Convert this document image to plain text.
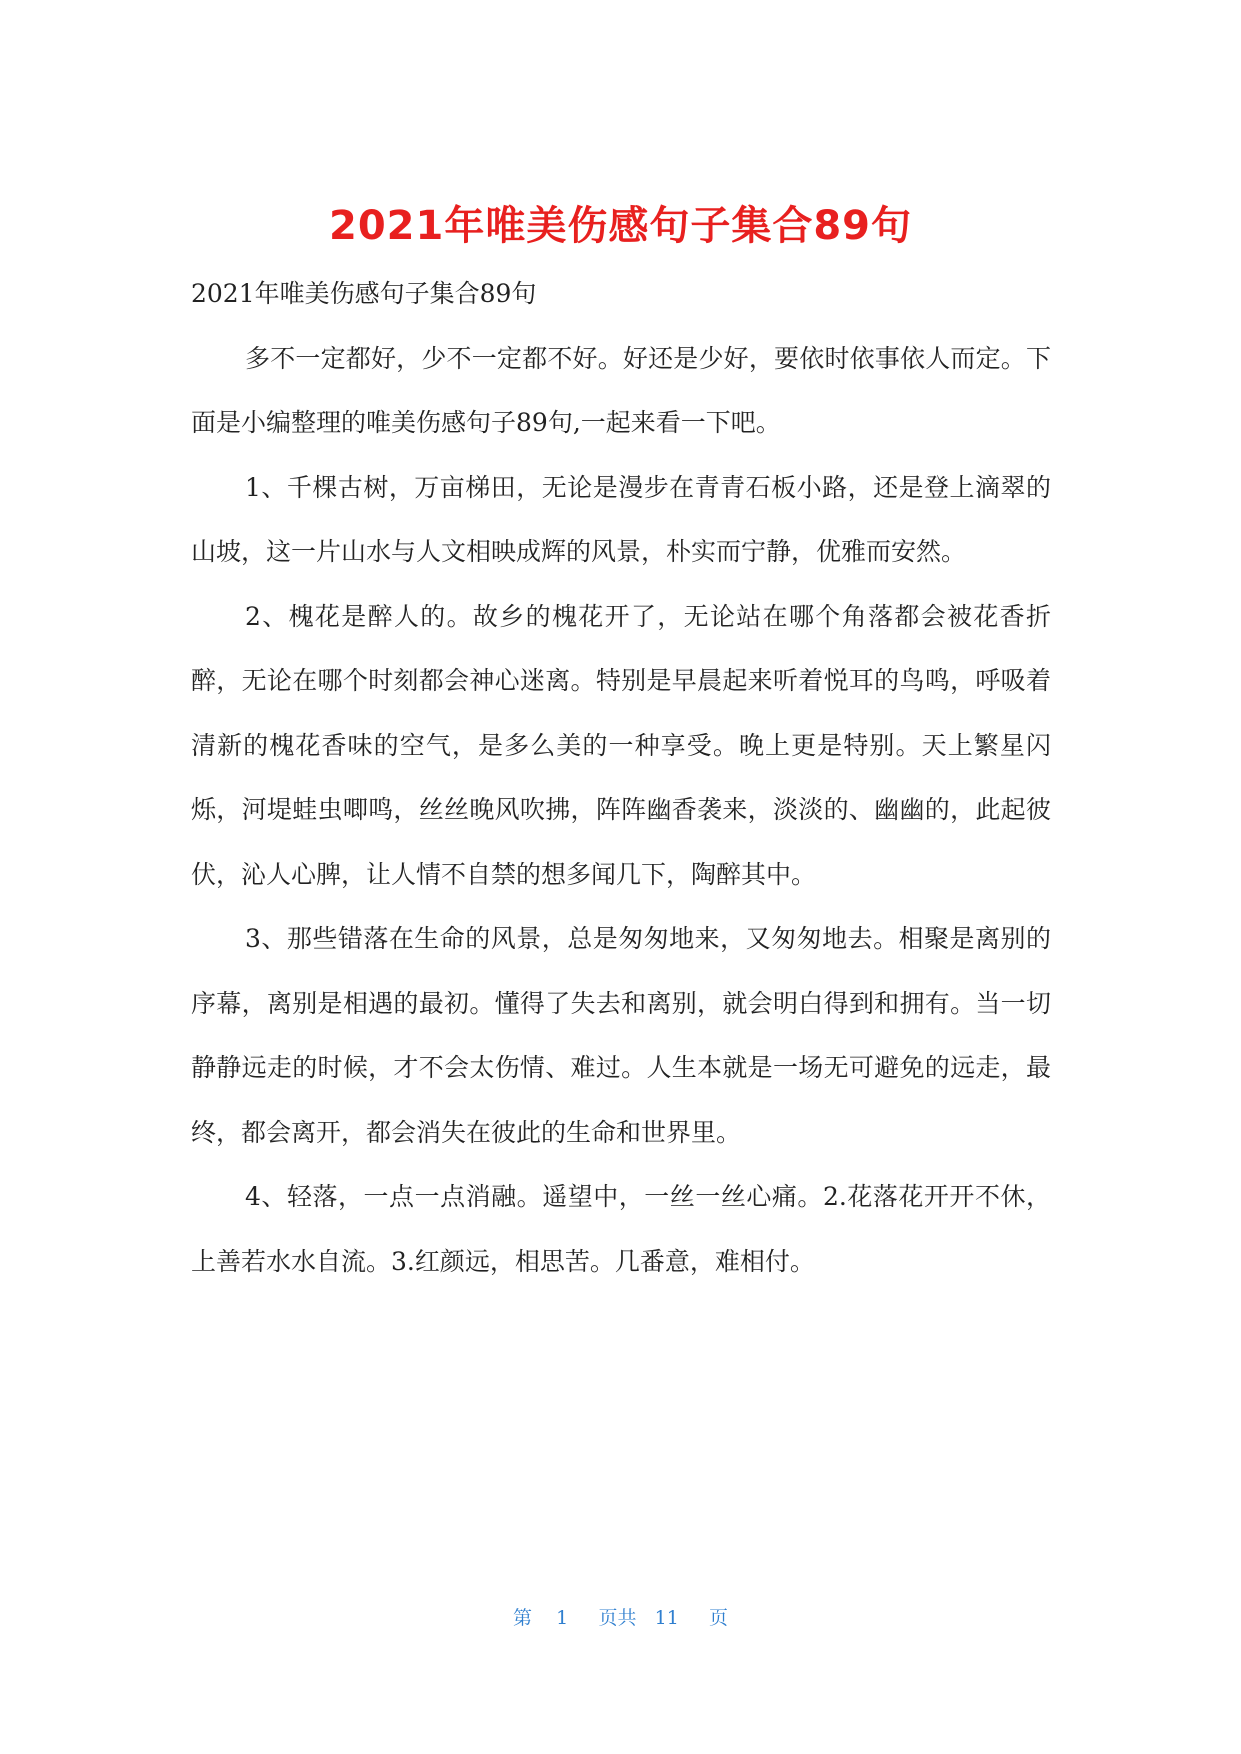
2021年唯美伤感句子集合89句

2021年唯美伤感句子集合89句

多不一定都好，少不一定都不好。好还是少好，要依时依事依人而定。下面是小编整理的唯美伤感句子89句,一起来看一下吧。

1、千棵古树，万亩梯田，无论是漫步在青青石板小路，还是登上滴翠的山坡，这一片山水与人文相映成辉的风景，朴实而宁静，优雅而安然。

2、槐花是醉人的。故乡的槐花开了，无论站在哪个角落都会被花香折醉，无论在哪个时刻都会神心迷离。特别是早晨起来听着悦耳的鸟鸣，呼吸着清新的槐花香味的空气，是多么美的一种享受。晚上更是特别。天上繁星闪烁，河堤蛙虫唧鸣，丝丝晚风吹拂，阵阵幽香袭来，淡淡的、幽幽的，此起彼伏，沁人心脾，让人情不自禁的想多闻几下，陶醉其中。

3、那些错落在生命的风景，总是匆匆地来，又匆匆地去。相聚是离别的序幕，离别是相遇的最初。懂得了失去和离别，就会明白得到和拥有。当一切静静远走的时候，才不会太伤情、难过。人生本就是一场无可避免的远走，最终，都会离开，都会消失在彼此的生命和世界里。

4、轻落，一点一点消融。遥望中，一丝一丝心痛。2.花落花开开不休，上善若水水自流。3.红颜远，相思苦。几番意，难相付。

第 1 页共 11 页
